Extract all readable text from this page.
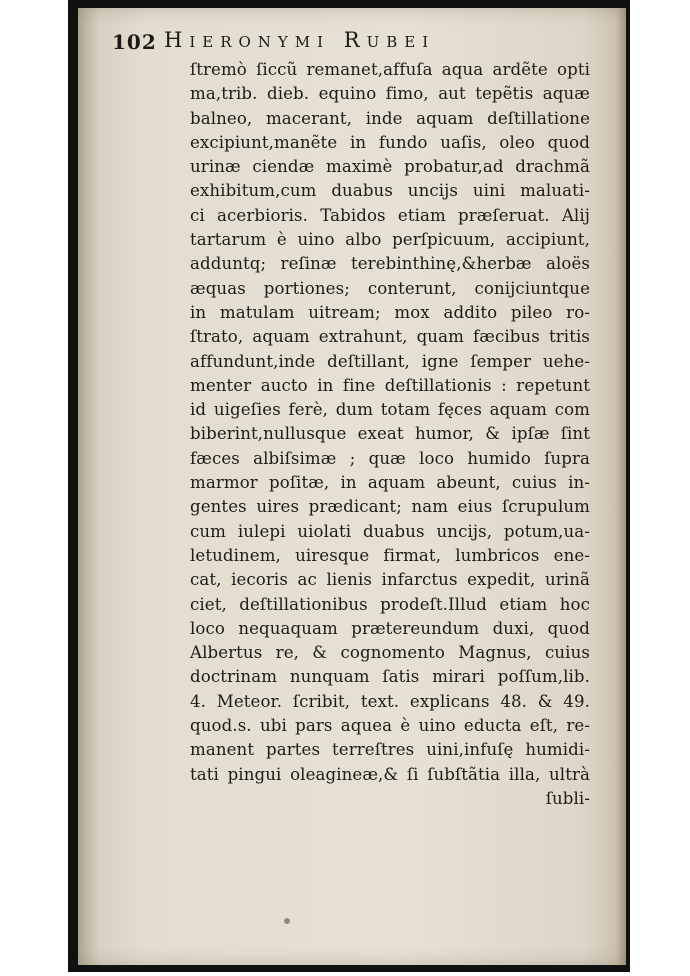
102 Hieronymi Rubei
ſtremò ſiccũ remanet,affuſa aqua ardẽte opti
ma,trib. dieb. equino fimo, aut tepẽtis aquæ
balneo, macerant, inde aquam deſtillatione
excipiunt,manẽte in fundo uaſis, oleo quod
urinæ ciendæ maximè probatur,ad drachmã
exhibitum,cum duabus uncijs uini maluati-
ci acerbioris. Tabidos etiam præſeruat. Alij
tartarum è uino albo perſpicuum, accipiunt,
adduntq; reſinæ terebinthinę,&herbæ aloës
æquas portiones; conterunt, conijciuntque
in matulam uitream; mox addito pileo ro-
ſtrato, aquam extrahunt, quam fæcibus tritis
affundunt,inde deſtillant, igne ſemper uehe-
menter aucto in fine deſtillationis : repetunt
id uigeſies ferè, dum totam fęces aquam com
biberint,nullusque exeat humor, & ipſæ ſint
fæces albiſsimæ ; quæ loco humido ſupra
marmor poſitæ, in aquam abeunt, cuius in-
gentes uires prædicant; nam eius ſcrupulum
cum iulepi uiolati duabus uncijs, potum,ua-
letudinem, uiresque firmat, lumbricos ene-
cat, iecoris ac lienis infarctus expedit, urinã
ciet, deſtillationibus prodeſt.Illud etiam hoc
loco nequaquam prætereundum duxi, quod
Albertus re, & cognomento Magnus, cuius
doctrinam nunquam ſatis mirari poſſum,lib.
4. Meteor. ſcribit, text. explicans 48. & 49.
quod.s. ubi pars aquea è uino educta eſt, re-
manent partes terreſtres uini,infuſę humidi-
tati pingui oleagineæ,& ſi ſubſtãtia illa, ultrà
ſubli-
